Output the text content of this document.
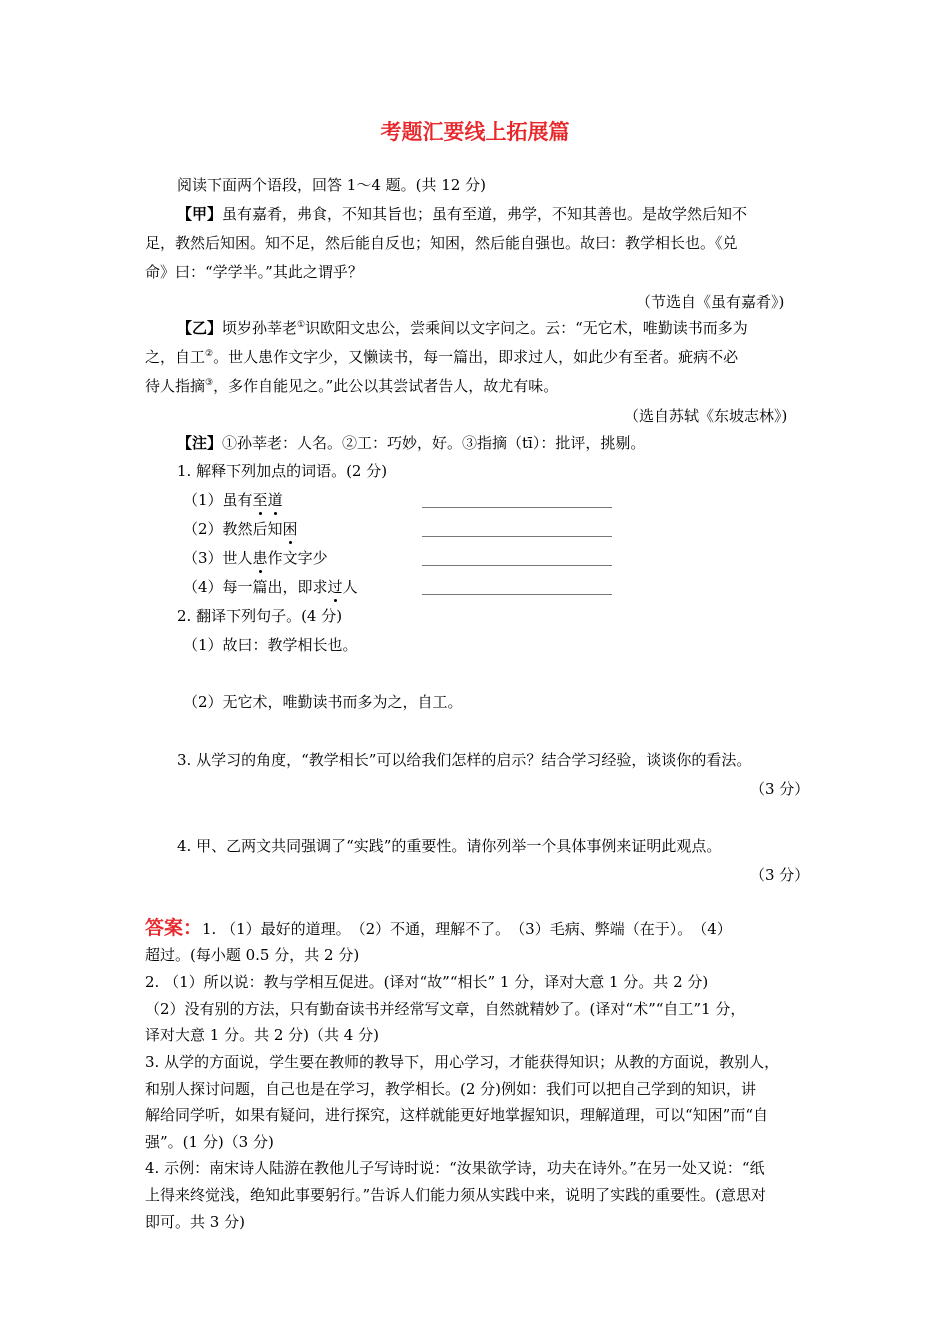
考题汇要线上拓展篇
阅读下面两个语段，回答 1～4 题。(共 12 分)
【甲】虽有嘉肴，弗食，不知其旨也；虽有至道，弗学，不知其善也。是故学然后知不
足，教然后知困。知不足，然后能自反也；知困，然后能自强也。故曰：教学相长也。《兑
命》曰：“学学半。”其此之谓乎？
（节选自《虽有嘉肴》)
【乙】顷岁孙莘老①识欧阳文忠公，尝乘间以文字问之。云：“无它术，唯勤读书而多为
之，自工②。世人患作文字少，又懒读书，每一篇出，即求过人，如此少有至者。疵病不必
待人指摘③，多作自能见之。”此公以其尝试者告人，故尤有味。
（选自苏轼《东坡志林》)
【注】①孙莘老：人名。②工：巧妙，好。③指摘（tī）：批评，挑剔。
1. 解释下列加点的词语。(2 分)
（1）虽有至道
（2）教然后知困
（3）世人患作文字少
（4）每一篇出，即求过人
2. 翻译下列句子。(4 分)
（1）故曰：教学相长也。
（2）无它术，唯勤读书而多为之，自工。
3. 从学习的角度，“教学相长”可以给我们怎样的启示？结合学习经验，谈谈你的看法。
（3 分）
4. 甲、乙两文共同强调了“实践”的重要性。请你列举一个具体事例来证明此观点。
（3 分）
答案：1. （1）最好的道理。　（2）不通，理解不了。　（3）毛病、弊端（在于）。　（4）
超过。(每小题 0.5 分，共 2 分)
2. （1）所以说：教与学相互促进。(译对“故”“相长” 1 分，译对大意 1 分。共 2 分)
（2）没有别的方法，只有勤奋读书并经常写文章，自然就精妙了。(译对“术”“自工”1 分，
译对大意 1 分。共 2 分)（共 4 分)
3. 从学的方面说，学生要在教师的教导下，用心学习，才能获得知识；从教的方面说，教别人，
和别人探讨问题，自己也是在学习，教学相长。(2 分)例如：我们可以把自己学到的知识，讲
解给同学听，如果有疑问，进行探究，这样就能更好地掌握知识，理解道理，可以“知困”而“自
强”。(1 分)（3 分)
4. 示例：南宋诗人陆游在教他儿子写诗时说：“汝果欲学诗，功夫在诗外。”在另一处又说：“纸
上得来终觉浅，绝知此事要躬行。”告诉人们能力须从实践中来，说明了实践的重要性。(意思对
即可。共 3 分)
